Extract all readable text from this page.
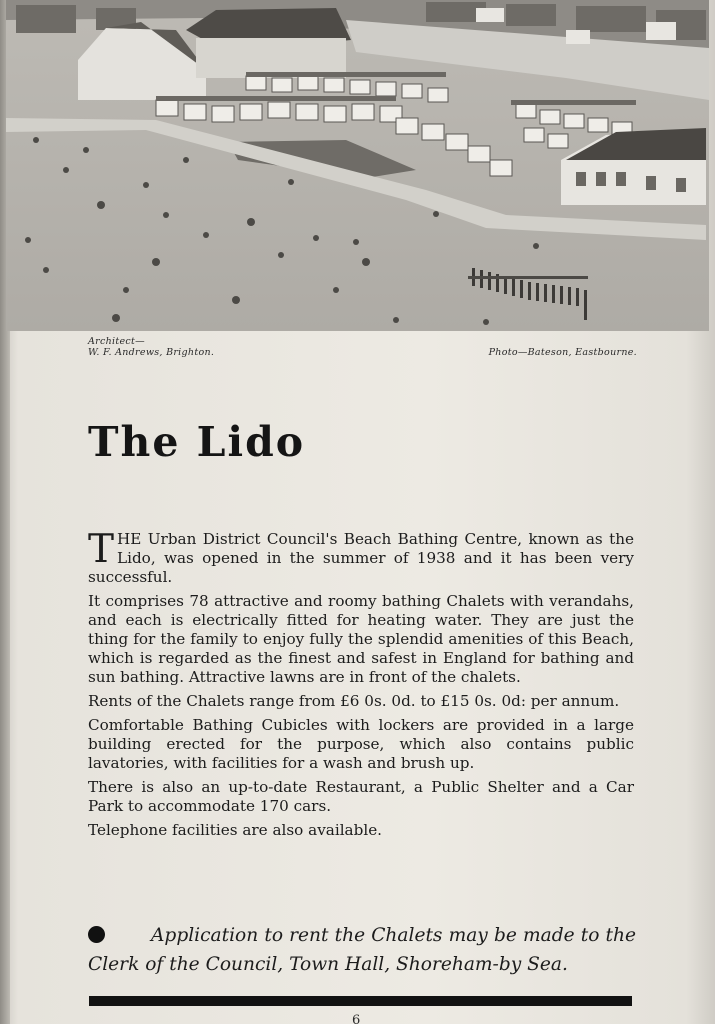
Architect—
W. F. Andrews, Brighton.	Photo—Bateson, Eastbourne.
The Lido

THE Urban District Council's Beach Bathing Centre, known as the Lido, was opened in the summer of 1938 and it has been very successful.

It comprises 78 attractive and roomy bathing Chalets with verandahs, and each is electrically fitted for heating water. They are just the thing for the family to enjoy fully the splendid amenities of this Beach, which is regarded as the finest and safest in England for bathing and sun bathing. Attractive lawns are in front of the chalets.

Rents of the Chalets range from £6 0s. 0d. to £15 0s. 0d: per annum.

Comfortable Bathing Cubicles with lockers are provided in a large building erected for the purpose, which also contains public lavatories, with facilities for a wash and brush up.

There is also an up-to-date Restaurant, a Public Shelter and a Car Park to accommodate 170 cars.

Telephone facilities are also available.

Application to rent the Chalets may be made to the Clerk of the Council, Town Hall, Shoreham-by Sea.
6
